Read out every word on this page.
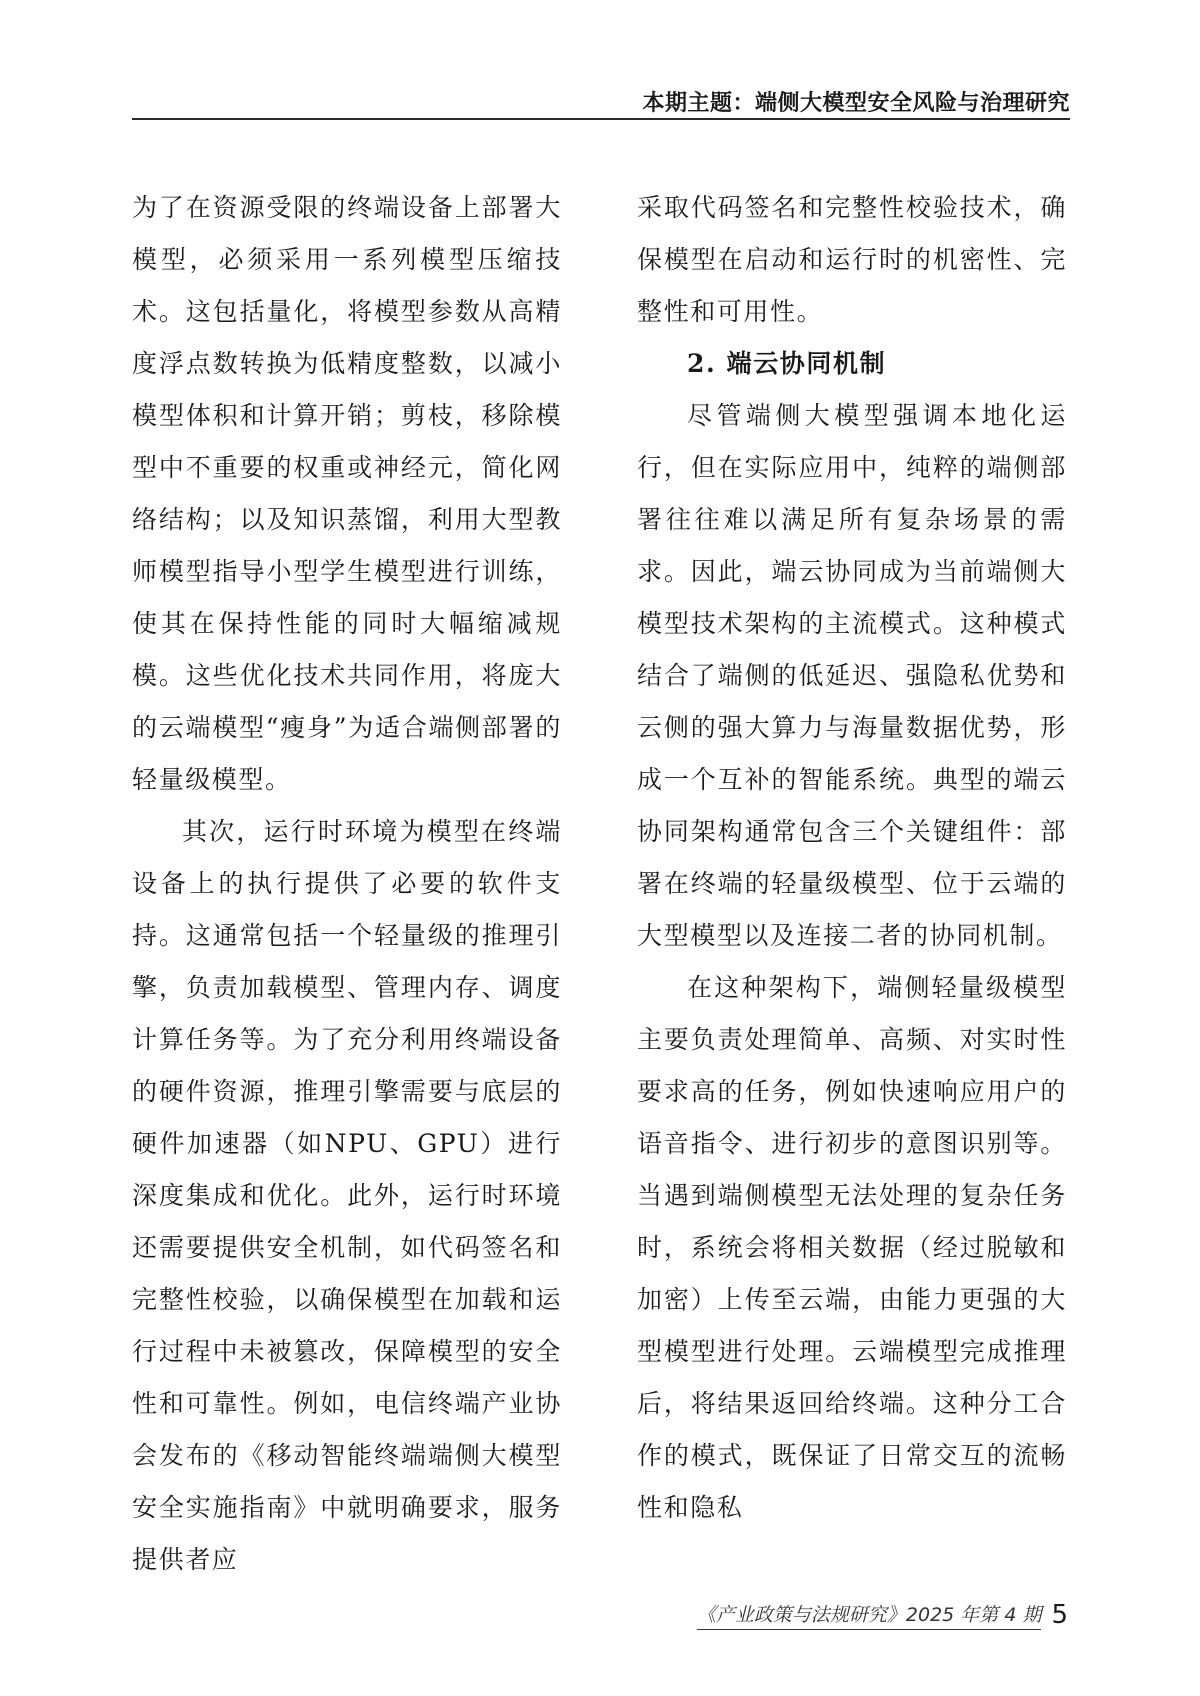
本期主题：端侧大模型安全风险与治理研究

为了在资源受限的终端设备上部署大模型，必须采用一系列模型压缩技术。这包括量化，将模型参数从高精度浮点数转换为低精度整数，以减小模型体积和计算开销；剪枝，移除模型中不重要的权重或神经元，简化网络结构；以及知识蒸馏，利用大型教师模型指导小型学生模型进行训练，使其在保持性能的同时大幅缩减规模。这些优化技术共同作用，将庞大的云端模型“瘦身”为适合端侧部署的轻量级模型。

其次，运行时环境为模型在终端设备上的执行提供了必要的软件支持。这通常包括一个轻量级的推理引擎，负责加载模型、管理内存、调度计算任务等。为了充分利用终端设备的硬件资源，推理引擎需要与底层的硬件加速器（如NPU、GPU）进行深度集成和优化。此外，运行时环境还需要提供安全机制，如代码签名和完整性校验，以确保模型在加载和运行过程中未被篡改，保障模型的安全性和可靠性。例如，电信终端产业协会发布的《移动智能终端端侧大模型安全实施指南》中就明确要求，服务提供者应

采取代码签名和完整性校验技术，确保模型在启动和运行时的机密性、完整性和可用性。

2. 端云协同机制

尽管端侧大模型强调本地化运行，但在实际应用中，纯粹的端侧部署往往难以满足所有复杂场景的需求。因此，端云协同成为当前端侧大模型技术架构的主流模式。这种模式结合了端侧的低延迟、强隐私优势和云侧的强大算力与海量数据优势，形成一个互补的智能系统。典型的端云协同架构通常包含三个关键组件：部署在终端的轻量级模型、位于云端的大型模型以及连接二者的协同机制。

在这种架构下，端侧轻量级模型主要负责处理简单、高频、对实时性要求高的任务，例如快速响应用户的语音指令、进行初步的意图识别等。当遇到端侧模型无法处理的复杂任务时，系统会将相关数据（经过脱敏和加密）上传至云端，由能力更强的大型模型进行处理。云端模型完成推理后，将结果返回给终端。这种分工合作的模式，既保证了日常交互的流畅性和隐私

《产业政策与法规研究》2025 年第 4 期 5
